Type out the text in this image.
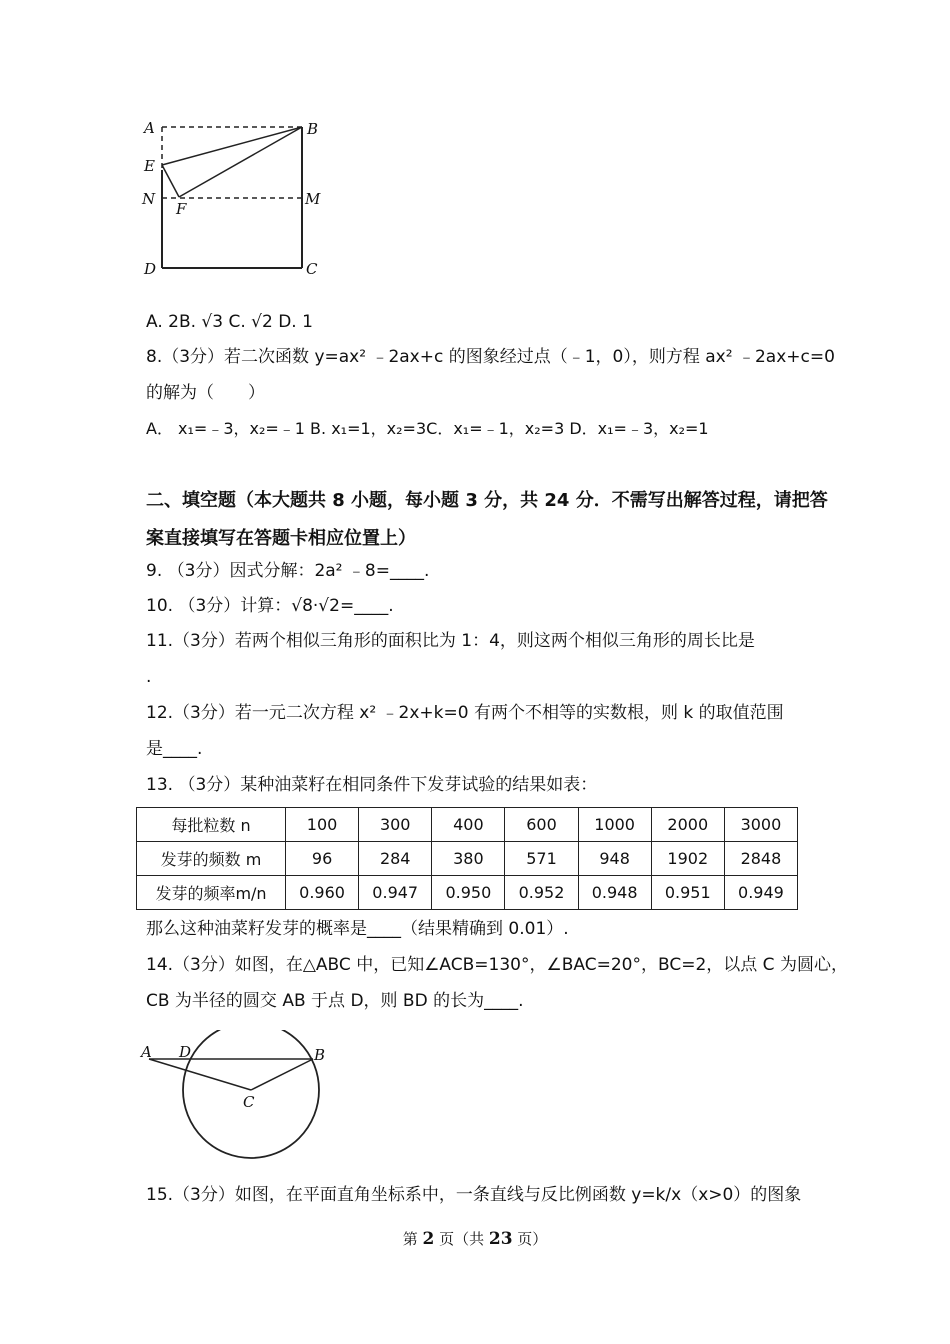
A	B
E
N
F
M
D	C
A. 2B. √3 C. √2 D. 1
8.（3分）若二次函数 y=ax² ﹣2ax+c 的图象经过点（﹣1，0），则方程 ax² ﹣2ax+c=0
的解为（　　）
A． x₁=﹣3，x₂=﹣1 B. x₁=1，x₂=3C．x₁=﹣1，x₂=3 D．x₁=﹣3，x₂=1
二、填空题（本大题共 8 小题，每小题 3 分，共 24 分．不需写出解答过程，请把答
案直接填写在答题卡相应位置上）
9. （3分）因式分解：2a² ﹣8=____.
10. （3分）计算：√8·√2=____.
11.（3分）若两个相似三角形的面积比为 1：4，则这两个相似三角形的周长比是
.
12.（3分）若一元二次方程 x² ﹣2x+k=0 有两个不相等的实数根，则 k 的取值范围
是____.
13. （3分）某种油菜籽在相同条件下发芽试验的结果如表：
每批粒数 n	100	300	400	600	1000	2000	3000
发芽的频数 m	96	284	380	571	948	1902	2848
发芽的频率m/n	0.960	0.947	0.950	0.952	0.948	0.951	0.949
那么这种油菜籽发芽的概率是____（结果精确到 0.01）.
14.（3分）如图，在△ABC 中，已知∠ACB=130°，∠BAC=20°，BC=2，以点 C 为圆心，
CB 为半径的圆交 AB 于点 D，则 BD 的长为____.
A D	B
C
15.（3分）如图，在平面直角坐标系中，一条直线与反比例函数 y=k/x（x>0）的图象
第 2 页（共 23 页）
